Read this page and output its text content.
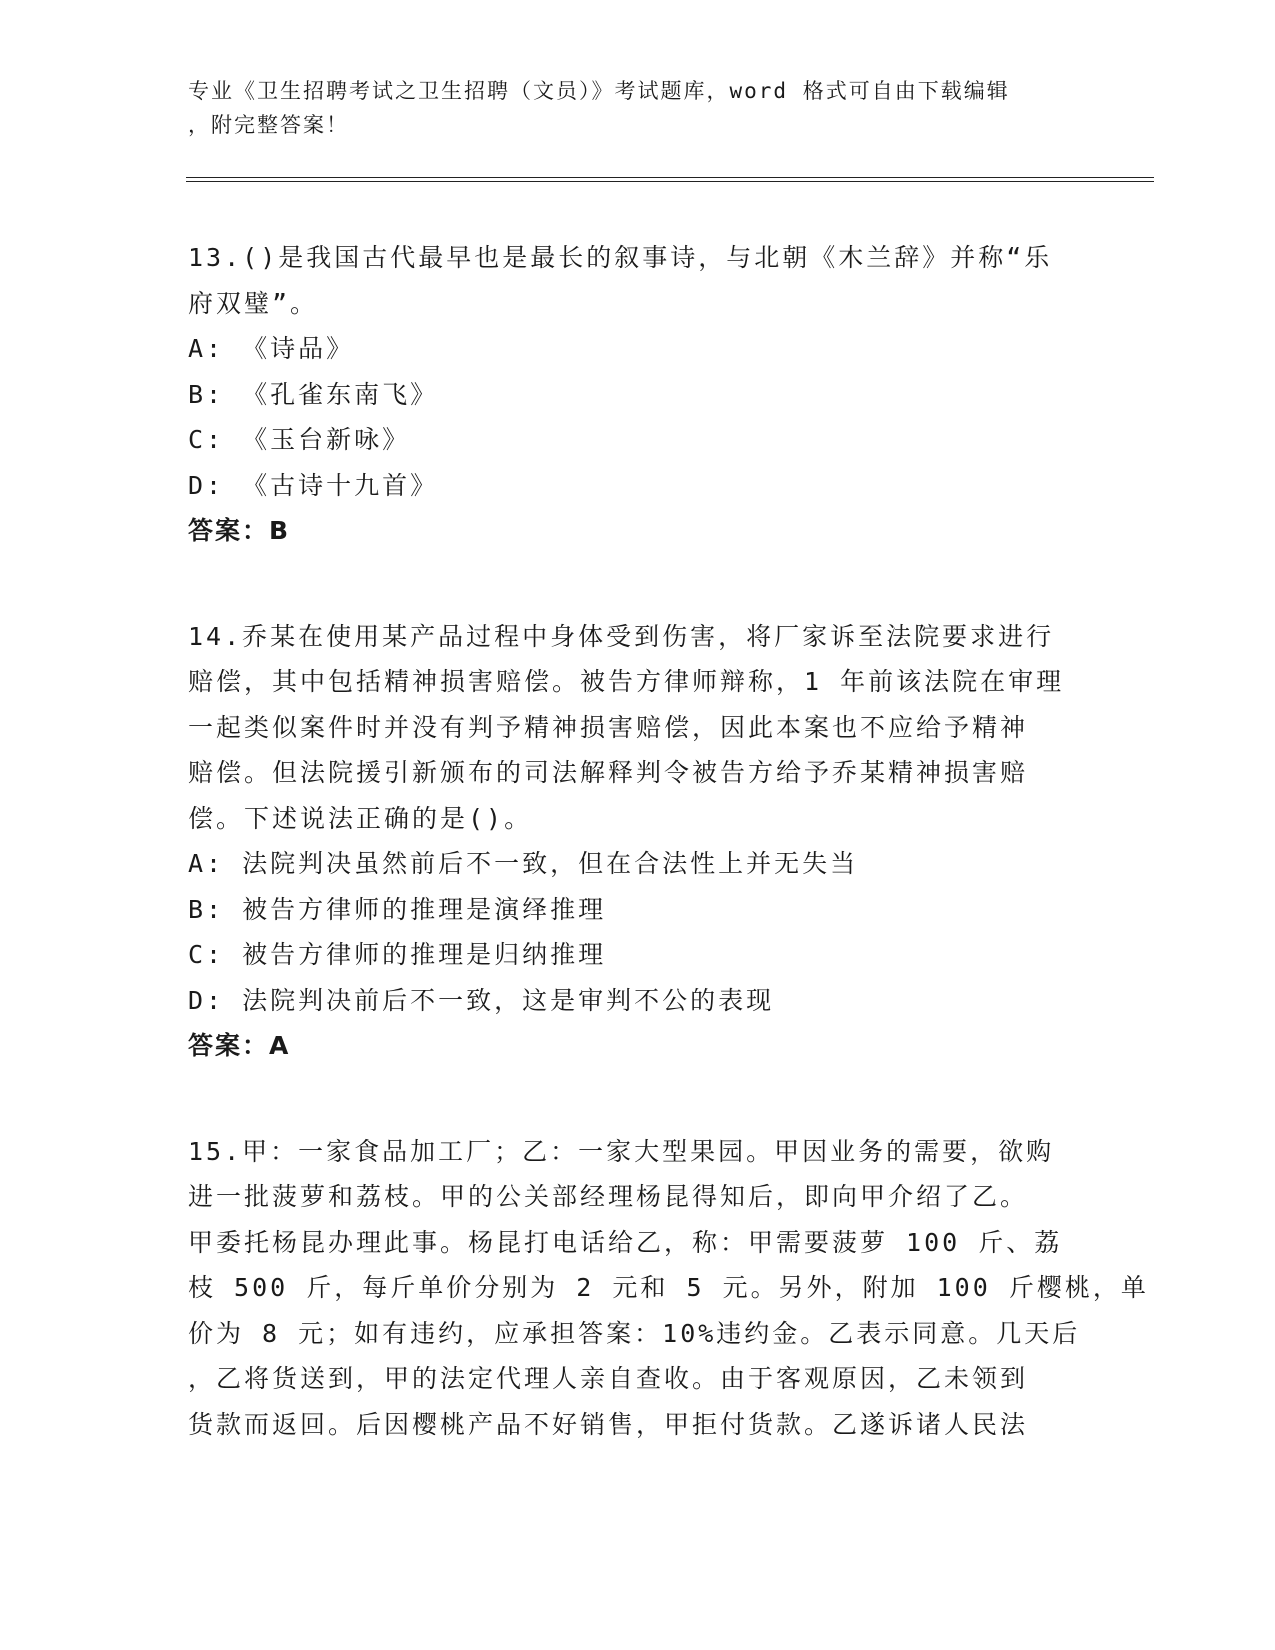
专业《卫生招聘考试之卫生招聘（文员）》考试题库，word 格式可自由下载编辑
，附完整答案！
13.()是我国古代最早也是最长的叙事诗，与北朝《木兰辞》并称“乐
府双璧”。
A: 《诗品》
B: 《孔雀东南飞》
C: 《玉台新咏》
D: 《古诗十九首》
答案：B
14.乔某在使用某产品过程中身体受到伤害，将厂家诉至法院要求进行
赔偿，其中包括精神损害赔偿。被告方律师辩称，1 年前该法院在审理
一起类似案件时并没有判予精神损害赔偿，因此本案也不应给予精神
赔偿。但法院援引新颁布的司法解释判令被告方给予乔某精神损害赔
偿。下述说法正确的是()。
A: 法院判决虽然前后不一致，但在合法性上并无失当
B: 被告方律师的推理是演绎推理
C: 被告方律师的推理是归纳推理
D: 法院判决前后不一致，这是审判不公的表现
答案：A
15.甲：一家食品加工厂；乙：一家大型果园。甲因业务的需要，欲购
进一批菠萝和荔枝。甲的公关部经理杨昆得知后，即向甲介绍了乙。
甲委托杨昆办理此事。杨昆打电话给乙，称：甲需要菠萝 100 斤、荔
枝 500 斤，每斤单价分别为 2 元和 5 元。另外，附加 100 斤樱桃，单
价为 8 元；如有违约，应承担答案：10%违约金。乙表示同意。几天后
，乙将货送到，甲的法定代理人亲自查收。由于客观原因，乙未领到
货款而返回。后因樱桃产品不好销售，甲拒付货款。乙遂诉诸人民法
